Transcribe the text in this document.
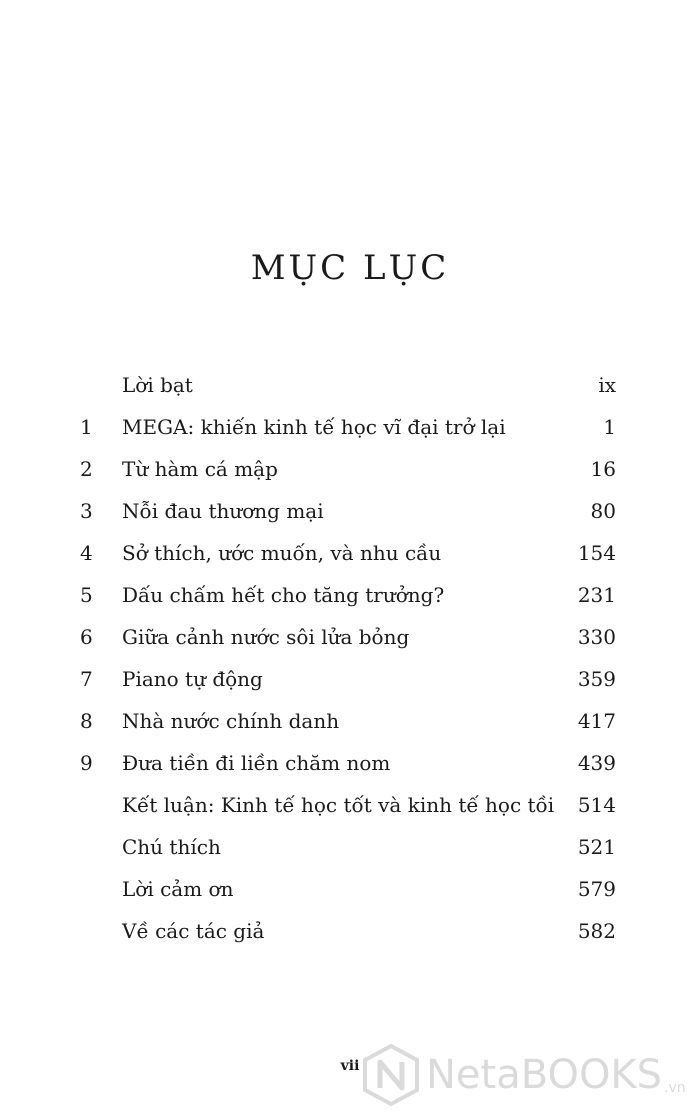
MỤC LỤC
Lời bạt	ix
1	MEGA: khiến kinh tế học vĩ đại trở lại	1
2	Từ hàm cá mập	16
3	Nỗi đau thương mại	80
4	Sở thích, ước muốn, và nhu cầu	154
5	Dấu chấm hết cho tăng trưởng?	231
6	Giữa cảnh nước sôi lửa bỏng	330
7	Piano tự động	359
8	Nhà nước chính danh	417
9	Đưa tiền đi liền chăm nom	439
Kết luận: Kinh tế học tốt và kinh tế học tồi 514
Chú thích	521
Lời cảm ơn	579
Về các tác giả	582
vii	NetaBOOKS .vn
